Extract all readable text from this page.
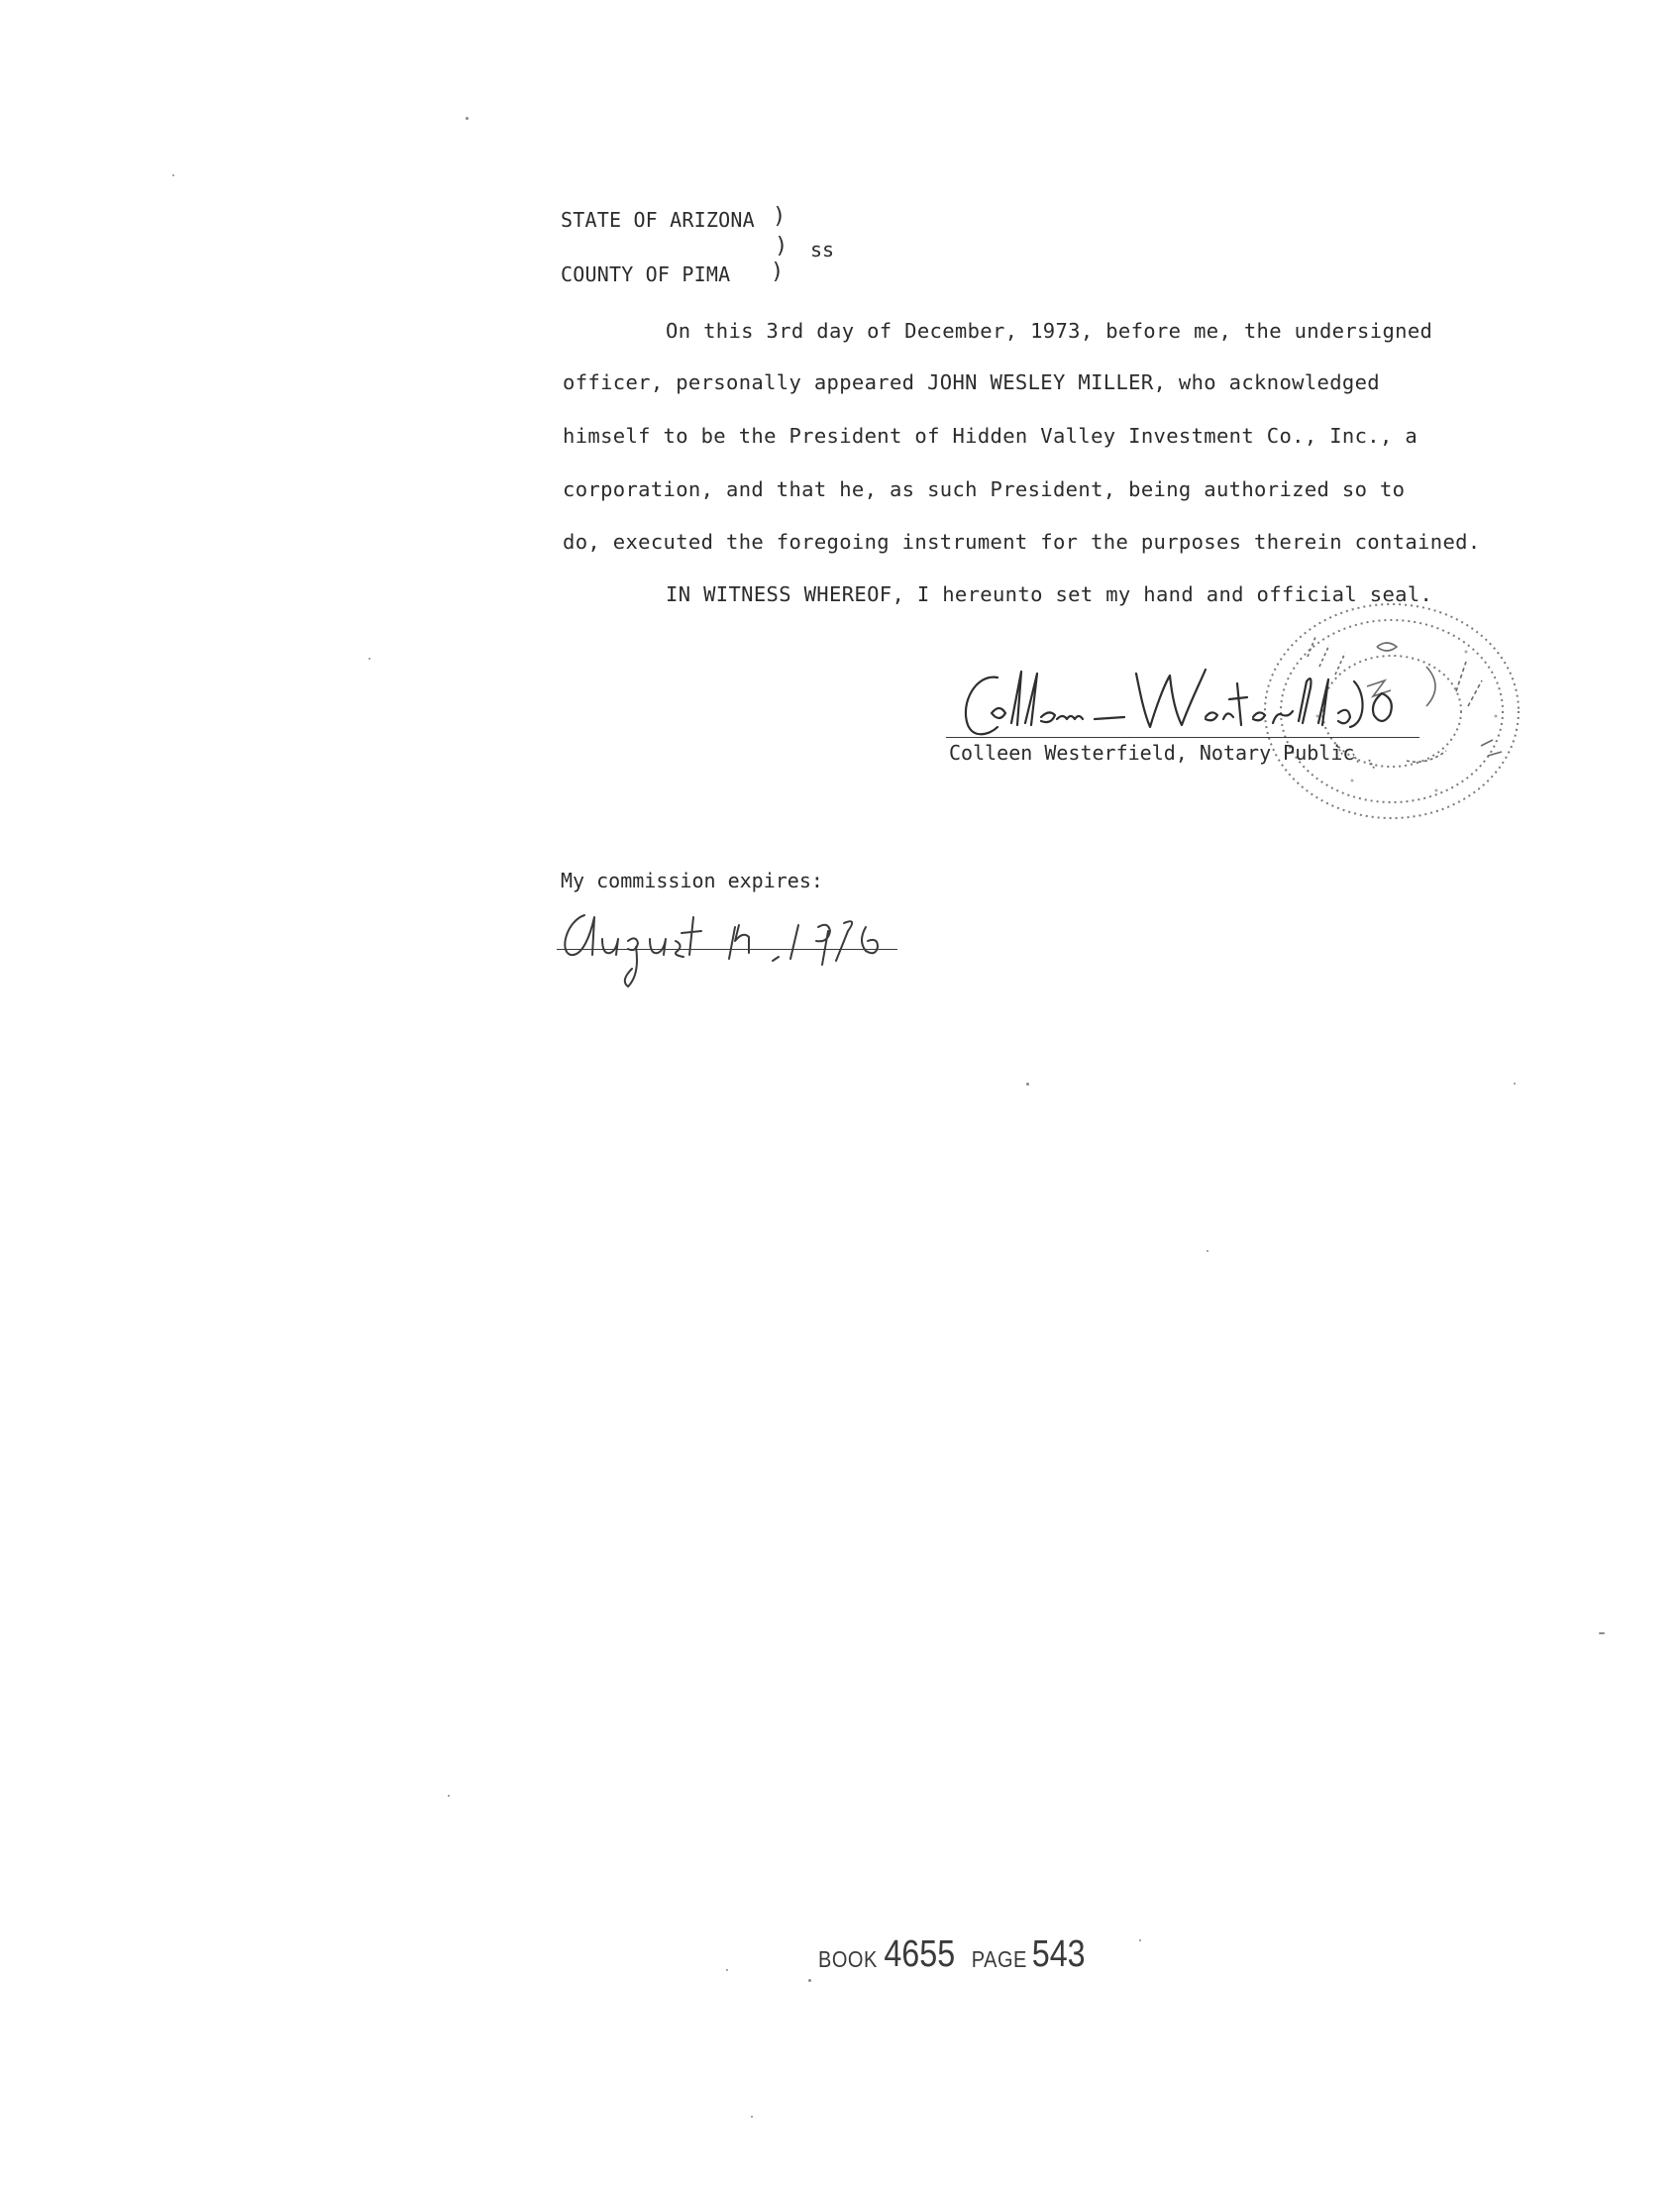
STATE OF ARIZONA )
) ss
COUNTY OF PIMA )
On this 3rd day of December, 1973, before me, the undersigned
officer, personally appeared JOHN WESLEY MILLER, who acknowledged
himself to be the President of Hidden Valley Investment Co., Inc., a
corporation, and that he, as such President, being authorized so to
do, executed the foregoing instrument for the purposes therein contained.
IN WITNESS WHEREOF, I hereunto set my hand and official seal.
Colleen Westerfield, Notary Public
My commission expires:
BOOK 4655 PAGE 543
